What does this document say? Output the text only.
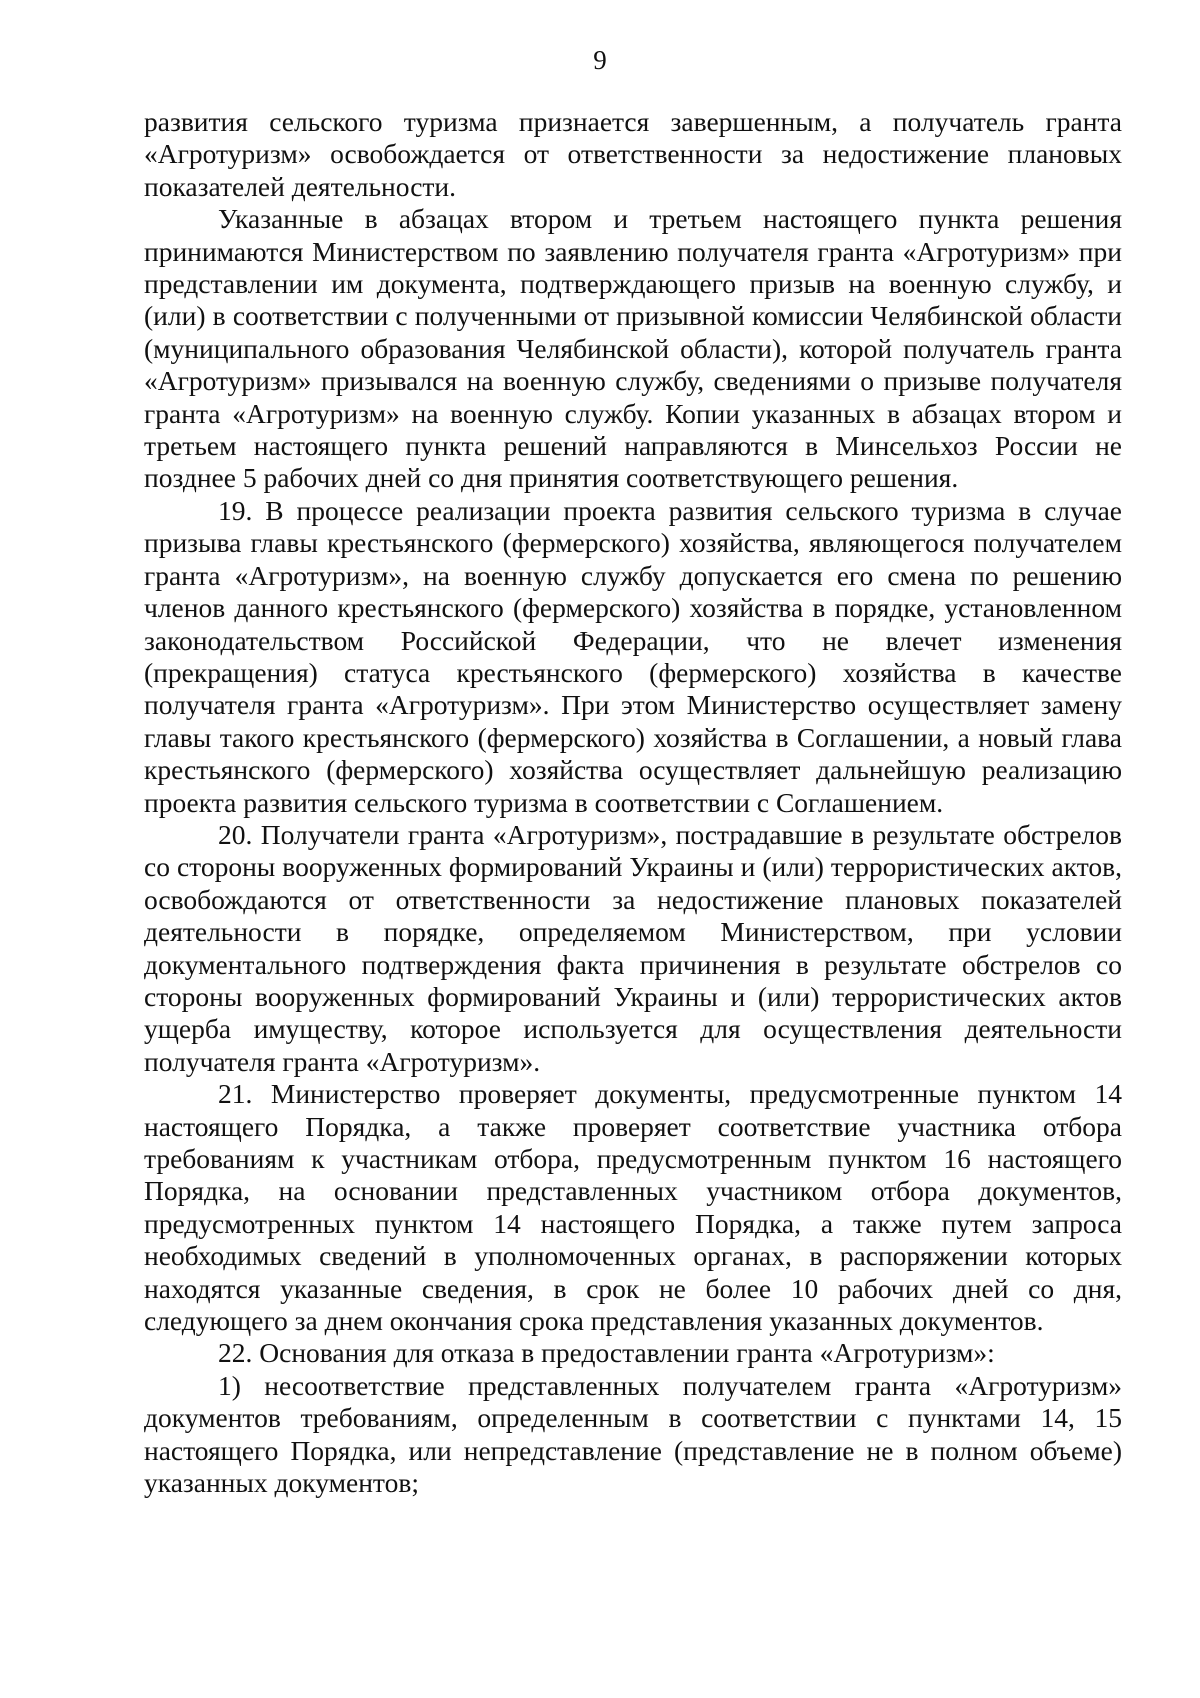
9

развития сельского туризма признается завершенным, а получатель гранта «Агротуризм» освобождается от ответственности за недостижение плановых показателей деятельности.

Указанные в абзацах втором и третьем настоящего пункта решения принимаются Министерством по заявлению получателя гранта «Агротуризм» при представлении им документа, подтверждающего призыв на военную службу, и (или) в соответствии с полученными от призывной комиссии Челябинской области (муниципального образования Челябинской области), которой получатель гранта «Агротуризм» призывался на военную службу, сведениями о призыве получателя гранта «Агротуризм» на военную службу. Копии указанных в абзацах втором и третьем настоящего пункта решений направляются в Минсельхоз России не позднее 5 рабочих дней со дня принятия соответствующего решения.

19. В процессе реализации проекта развития сельского туризма в случае призыва главы крестьянского (фермерского) хозяйства, являющегося получателем гранта «Агротуризм», на военную службу допускается его смена по решению членов данного крестьянского (фермерского) хозяйства в порядке, установленном законодательством Российской Федерации, что не влечет изменения (прекращения) статуса крестьянского (фермерского) хозяйства в качестве получателя гранта «Агротуризм». При этом Министерство осуществляет замену главы такого крестьянского (фермерского) хозяйства в Соглашении, а новый глава крестьянского (фермерского) хозяйства осуществляет дальнейшую реализацию проекта развития сельского туризма в соответствии с Соглашением.

20. Получатели гранта «Агротуризм», пострадавшие в результате обстрелов со стороны вооруженных формирований Украины и (или) террористических актов, освобождаются от ответственности за недостижение плановых показателей деятельности в порядке, определяемом Министерством, при условии документального подтверждения факта причинения в результате обстрелов со стороны вооруженных формирований Украины и (или) террористических актов ущерба имуществу, которое используется для осуществления деятельности получателя гранта «Агротуризм».

21. Министерство проверяет документы, предусмотренные пунктом 14 настоящего Порядка, а также проверяет соответствие участника отбора требованиям к участникам отбора, предусмотренным пунктом 16 настоящего Порядка, на основании представленных участником отбора документов, предусмотренных пунктом 14 настоящего Порядка, а также путем запроса необходимых сведений в уполномоченных органах, в распоряжении которых находятся указанные сведения, в срок не более 10 рабочих дней со дня, следующего за днем окончания срока представления указанных документов.

22. Основания для отказа в предоставлении гранта «Агротуризм»:

1) несоответствие представленных получателем гранта «Агротуризм» документов требованиям, определенным в соответствии с пунктами 14, 15 настоящего Порядка, или непредставление (представление не в полном объеме) указанных документов;
